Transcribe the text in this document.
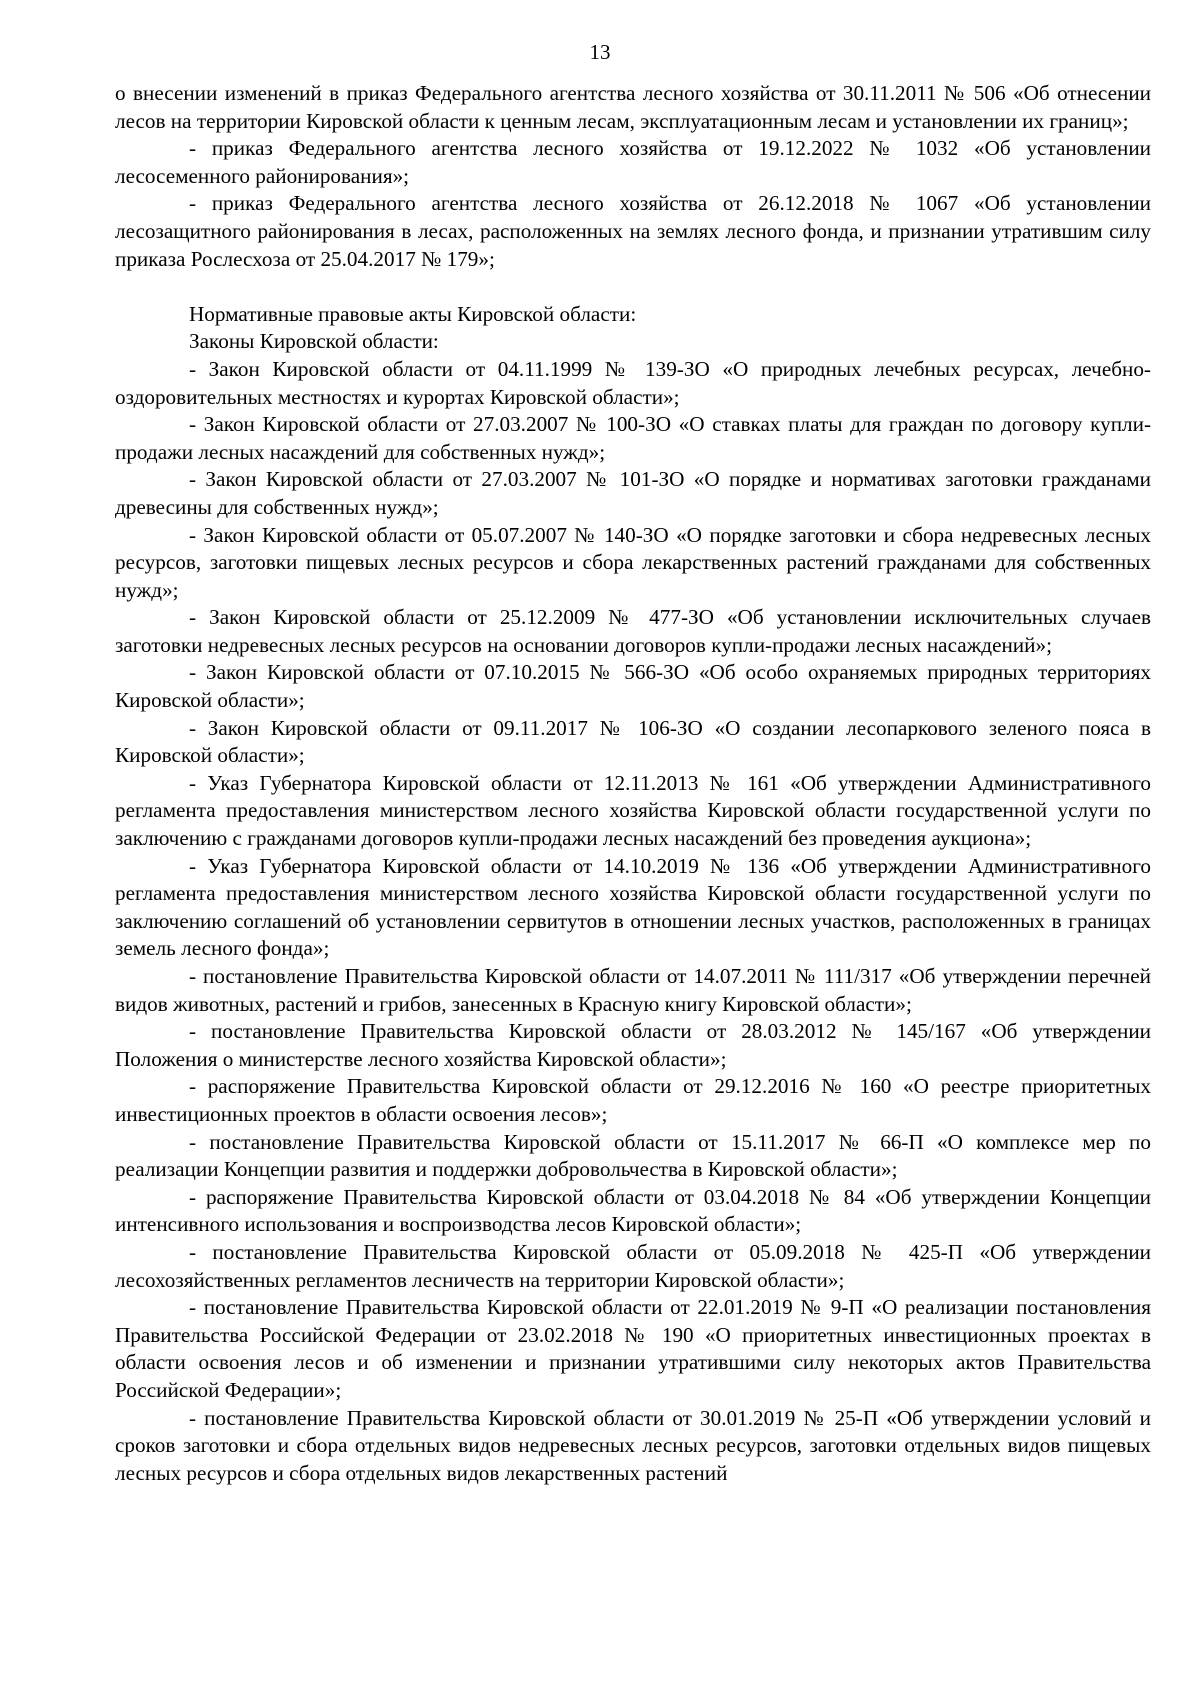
13

о внесении изменений в приказ Федерального агентства лесного хозяйства от 30.11.2011 № 506 «Об отнесении лесов на территории Кировской области к ценным лесам, эксплуатационным лесам и установлении их границ»;

- приказ Федерального агентства лесного хозяйства от 19.12.2022 № 1032 «Об установлении лесосеменного районирования»;

- приказ Федерального агентства лесного хозяйства от 26.12.2018 № 1067 «Об установлении лесозащитного районирования в лесах, расположенных на землях лесного фонда, и признании утратившим силу приказа Рослесхоза от 25.04.2017 № 179»;

Нормативные правовые акты Кировской области:

Законы Кировской области:

- Закон Кировской области от 04.11.1999 № 139-ЗО «О природных лечебных ресурсах, лечебно-оздоровительных местностях и курортах Кировской области»;

- Закон Кировской области от 27.03.2007 № 100-ЗО «О ставках платы для граждан по договору купли-продажи лесных насаждений для собственных нужд»;

- Закон Кировской области от 27.03.2007 № 101-ЗО «О порядке и нормативах заготовки гражданами древесины для собственных нужд»;

- Закон Кировской области от 05.07.2007 № 140-ЗО «О порядке заготовки и сбора недревесных лесных ресурсов, заготовки пищевых лесных ресурсов и сбора лекарственных растений гражданами для собственных нужд»;

- Закон Кировской области от 25.12.2009 № 477-ЗО «Об установлении исключительных случаев заготовки недревесных лесных ресурсов на основании договоров купли-продажи лесных насаждений»;

- Закон Кировской области от 07.10.2015 № 566-ЗО «Об особо охраняемых природных территориях Кировской области»;

- Закон Кировской области от 09.11.2017 № 106-ЗО «О создании лесопаркового зеленого пояса в Кировской области»;

- Указ Губернатора Кировской области от 12.11.2013 № 161 «Об утверждении Административного регламента предоставления министерством лесного хозяйства Кировской области государственной услуги по заключению с гражданами договоров купли-продажи лесных насаждений без проведения аукциона»;

- Указ Губернатора Кировской области от 14.10.2019 № 136 «Об утверждении Административного регламента предоставления министерством лесного хозяйства Кировской области государственной услуги по заключению соглашений об установлении сервитутов в отношении лесных участков, расположенных в границах земель лесного фонда»;

- постановление Правительства Кировской области от 14.07.2011 № 111/317 «Об утверждении перечней видов животных, растений и грибов, занесенных в Красную книгу Кировской области»;

- постановление Правительства Кировской области от 28.03.2012 № 145/167 «Об утверждении Положения о министерстве лесного хозяйства Кировской области»;

- распоряжение Правительства Кировской области от 29.12.2016 № 160 «О реестре приоритетных инвестиционных проектов в области освоения лесов»;

- постановление Правительства Кировской области от 15.11.2017 № 66-П «О комплексе мер по реализации Концепции развития и поддержки добровольчества в Кировской области»;

- распоряжение Правительства Кировской области от 03.04.2018 № 84 «Об утверждении Концепции интенсивного использования и воспроизводства лесов Кировской области»;

- постановление Правительства Кировской области от 05.09.2018 № 425-П «Об утверждении лесохозяйственных регламентов лесничеств на территории Кировской области»;

- постановление Правительства Кировской области от 22.01.2019 № 9-П «О реализации постановления Правительства Российской Федерации от 23.02.2018 № 190 «О приоритетных инвестиционных проектах в области освоения лесов и об изменении и признании утратившими силу некоторых актов Правительства Российской Федерации»;

- постановление Правительства Кировской области от 30.01.2019 № 25-П «Об утверждении условий и сроков заготовки и сбора отдельных видов недревесных лесных ресурсов, заготовки отдельных видов пищевых лесных ресурсов и сбора отдельных видов лекарственных растений
